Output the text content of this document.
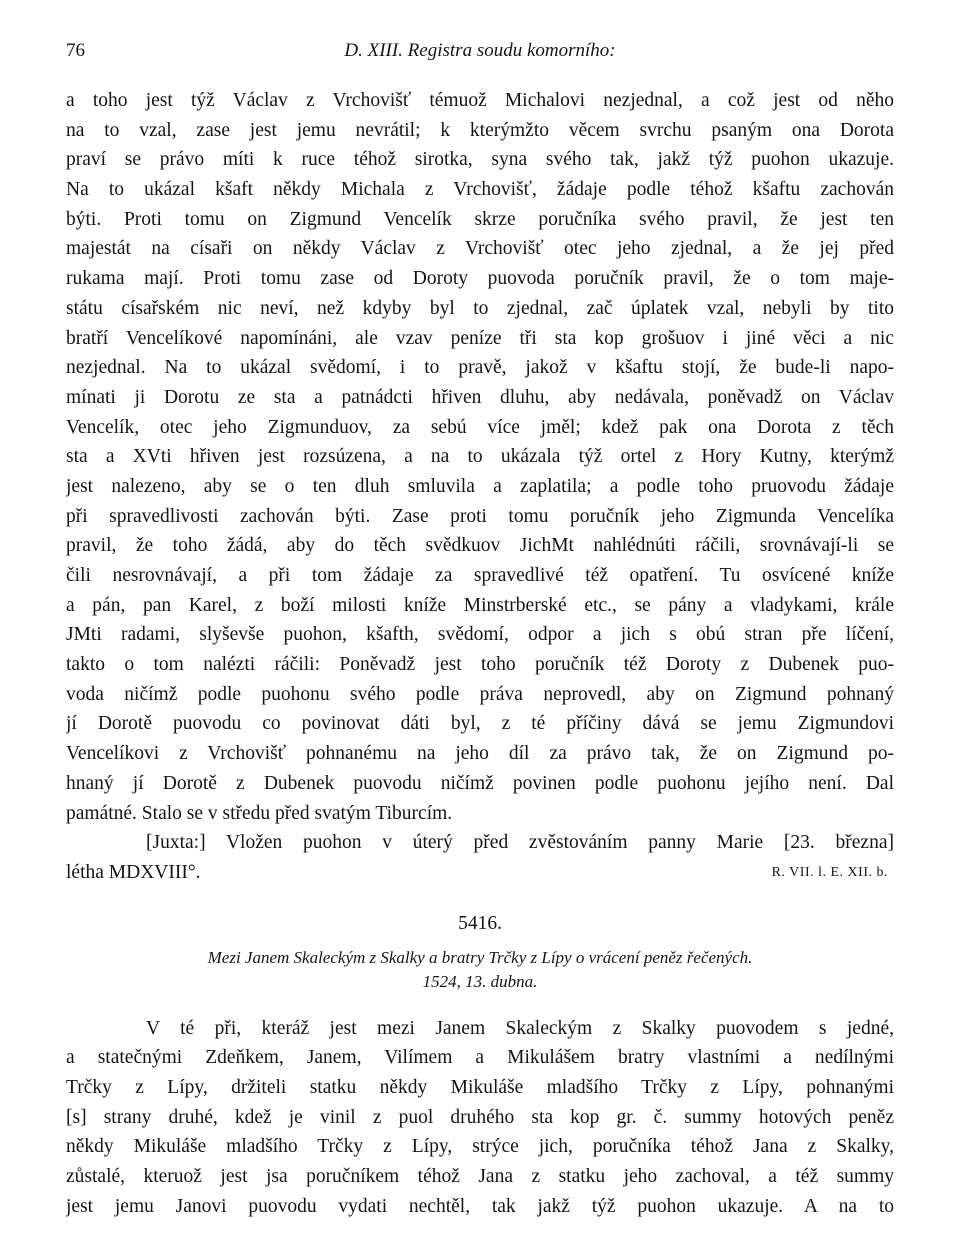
76	D. XIII. Registra soudu komorního:
a toho jest týž Václav z Vrchovišť témuož Michalovi nezjednal, a což jest od něho
na to vzal, zase jest jemu nevrátil; k kterýmžto věcem svrchu psaným ona Dorota
praví se právo míti k ruce téhož sirotka, syna svého tak, jakž týž puohon ukazuje.
Na to ukázal kšaft někdy Michala z Vrchovišť, žádaje podle téhož kšaftu zachován
býti. Proti tomu on Zigmund Vencelík skrze poručníka svého pravil, že jest ten
majestát na císaři on někdy Václav z Vrchovišť otec jeho zjednal, a že jej před
rukama mají. Proti tomu zase od Doroty puovoda poručník pravil, že o tom maje-
státu císařském nic neví, než kdyby byl to zjednal, zač úplatek vzal, nebyli by tito
bratří Vencelíkové napomínáni, ale vzav peníze tři sta kop grošuov i jiné věci a nic
nezjednal. Na to ukázal svědomí, i to pravě, jakož v kšaftu stojí, že bude-li napo-
mínati ji Dorotu ze sta a patnádcti hřiven dluhu, aby nedávala, poněvadž on Václav
Vencelík, otec jeho Zigmunduov, za sebú více jměl; kdež pak ona Dorota z těch
sta a XVti hřiven jest rozsúzena, a na to ukázala týž ortel z Hory Kutny, kterýmž
jest nalezeno, aby se o ten dluh smluvila a zaplatila; a podle toho pruovodu žádaje
při spravedlivosti zachován býti. Zase proti tomu poručník jeho Zigmunda Vencelíka
pravil, že toho žádá, aby do těch svědkuov JichMt nahlédnúti ráčili, srovnávají-li se
čili nesrovnávají, a při tom žádaje za spravedlivé též opatření. Tu osvícené kníže
a pán, pan Karel, z boží milosti kníže Minstrberské etc., se pány a vladykami, krále
JMti radami, slyševše puohon, kšafth, svědomí, odpor a jich s obú stran pře líčení,
takto o tom nalézti ráčili: Poněvadž jest toho poručník též Doroty z Dubenek puo-
voda ničímž podle puohonu svého podle práva neprovedl, aby on Zigmund pohnaný
jí Dorotě puovodu co povinovat dáti byl, z té příčiny dává se jemu Zigmundovi
Vencelíkovi z Vrchovišť pohnanému na jeho díl za právo tak, že on Zigmund po-
hnaný jí Dorotě z Dubenek puovodu ničímž povinen podle puohonu jejího není. Dal
památné. Stalo se v středu před svatým Tiburcím.
[Juxta:] Vložen puohon v úterý před zvěstováním panny Marie [23. března]
létha MDXVIII°.	R. VII. l. E. XII. b.
5416.
Mezi Janem Skaleckým z Skalky a bratry Trčky z Lípy o vrácení peněz řečených.
1524, 13. dubna.
V té při, kteráž jest mezi Janem Skaleckým z Skalky puovodem s jedné,
a statečnými Zdeňkem, Janem, Vilímem a Mikulášem bratry vlastními a nedílnými
Trčky z Lípy, držiteli statku někdy Mikuláše mladšího Trčky z Lípy, pohnanými
[s] strany druhé, kdež je vinil z puol druhého sta kop gr. č. summy hotových peněz
někdy Mikuláše mladšího Trčky z Lípy, strýce jich, poručníka téhož Jana z Skalky,
zůstalé, kteruož jest jsa poručníkem téhož Jana z statku jeho zachoval, a též summy
jest jemu Janovi puovodu vydati nechtěl, tak jakž týž puohon ukazuje. A na to
